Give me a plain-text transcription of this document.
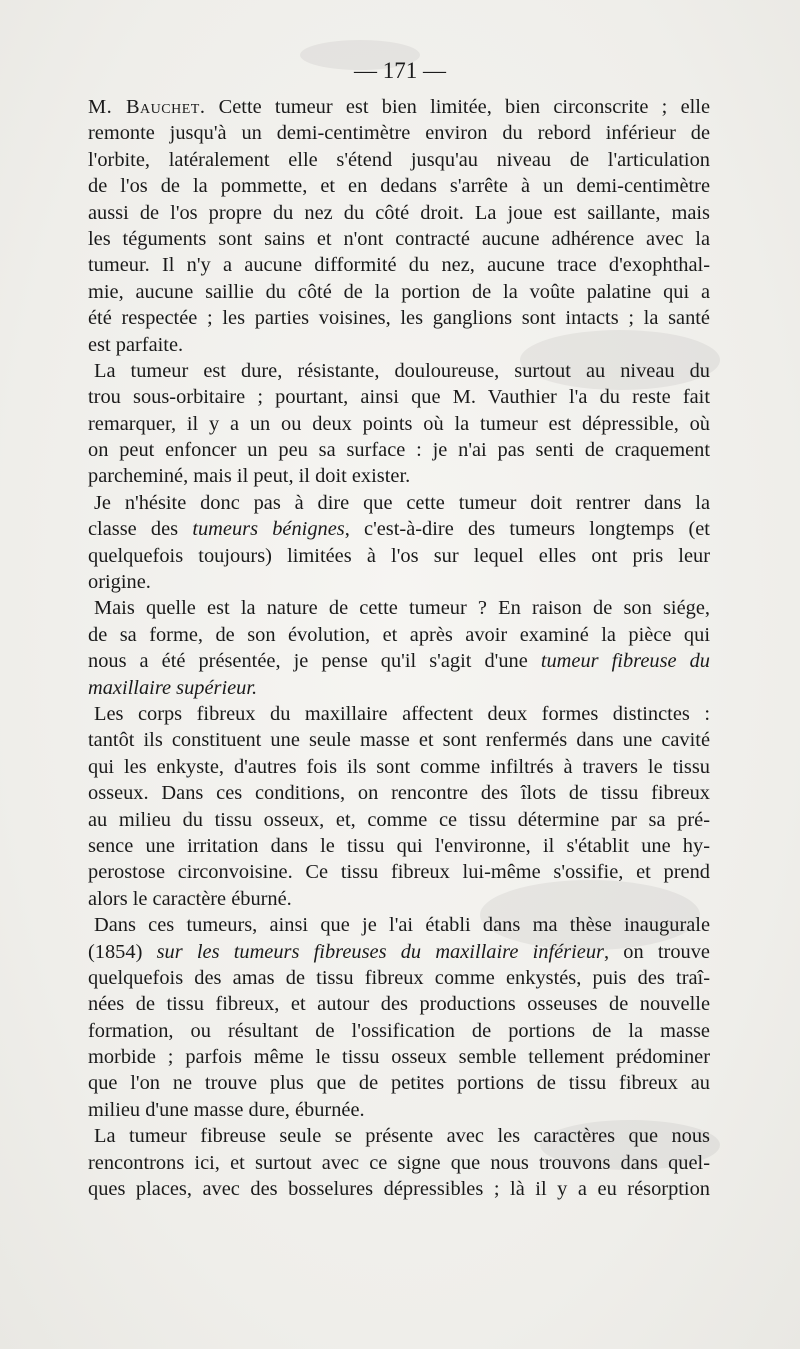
— 171 —
M. Bauchet. Cette tumeur est bien limitée, bien circonscrite ; elle
remonte jusqu'à un demi-centimètre environ du rebord inférieur de
l'orbite, latéralement elle s'étend jusqu'au niveau de l'articulation
de l'os de la pommette, et en dedans s'arrête à un demi-centimètre
aussi de l'os propre du nez du côté droit. La joue est saillante, mais
les téguments sont sains et n'ont contracté aucune adhérence avec la
tumeur. Il n'y a aucune difformité du nez, aucune trace d'exophthal-
mie, aucune saillie du côté de la portion de la voûte palatine qui a
été respectée ; les parties voisines, les ganglions sont intacts ; la santé
est parfaite.
La tumeur est dure, résistante, douloureuse, surtout au niveau du
trou sous-orbitaire ; pourtant, ainsi que M. Vauthier l'a du reste fait
remarquer, il y a un ou deux points où la tumeur est dépressible, où
on peut enfoncer un peu sa surface : je n'ai pas senti de craquement
parcheminé, mais il peut, il doit exister.
Je n'hésite donc pas à dire que cette tumeur doit rentrer dans la
classe des tumeurs bénignes, c'est-à-dire des tumeurs longtemps (et
quelquefois toujours) limitées à l'os sur lequel elles ont pris leur
origine.
Mais quelle est la nature de cette tumeur ? En raison de son siége,
de sa forme, de son évolution, et après avoir examiné la pièce qui
nous a été présentée, je pense qu'il s'agit d'une tumeur fibreuse du
maxillaire supérieur.
Les corps fibreux du maxillaire affectent deux formes distinctes :
tantôt ils constituent une seule masse et sont renfermés dans une cavité
qui les enkyste, d'autres fois ils sont comme infiltrés à travers le tissu
osseux. Dans ces conditions, on rencontre des îlots de tissu fibreux
au milieu du tissu osseux, et, comme ce tissu détermine par sa pré-
sence une irritation dans le tissu qui l'environne, il s'établit une hy-
perostose circonvoisine. Ce tissu fibreux lui-même s'ossifie, et prend
alors le caractère éburné.
Dans ces tumeurs, ainsi que je l'ai établi dans ma thèse inaugurale
(1854) sur les tumeurs fibreuses du maxillaire inférieur, on trouve
quelquefois des amas de tissu fibreux comme enkystés, puis des traî-
nées de tissu fibreux, et autour des productions osseuses de nouvelle
formation, ou résultant de l'ossification de portions de la masse
morbide ; parfois même le tissu osseux semble tellement prédominer
que l'on ne trouve plus que de petites portions de tissu fibreux au
milieu d'une masse dure, éburnée.
La tumeur fibreuse seule se présente avec les caractères que nous
rencontrons ici, et surtout avec ce signe que nous trouvons dans quel-
ques places, avec des bosselures dépressibles ; là il y a eu résorption
